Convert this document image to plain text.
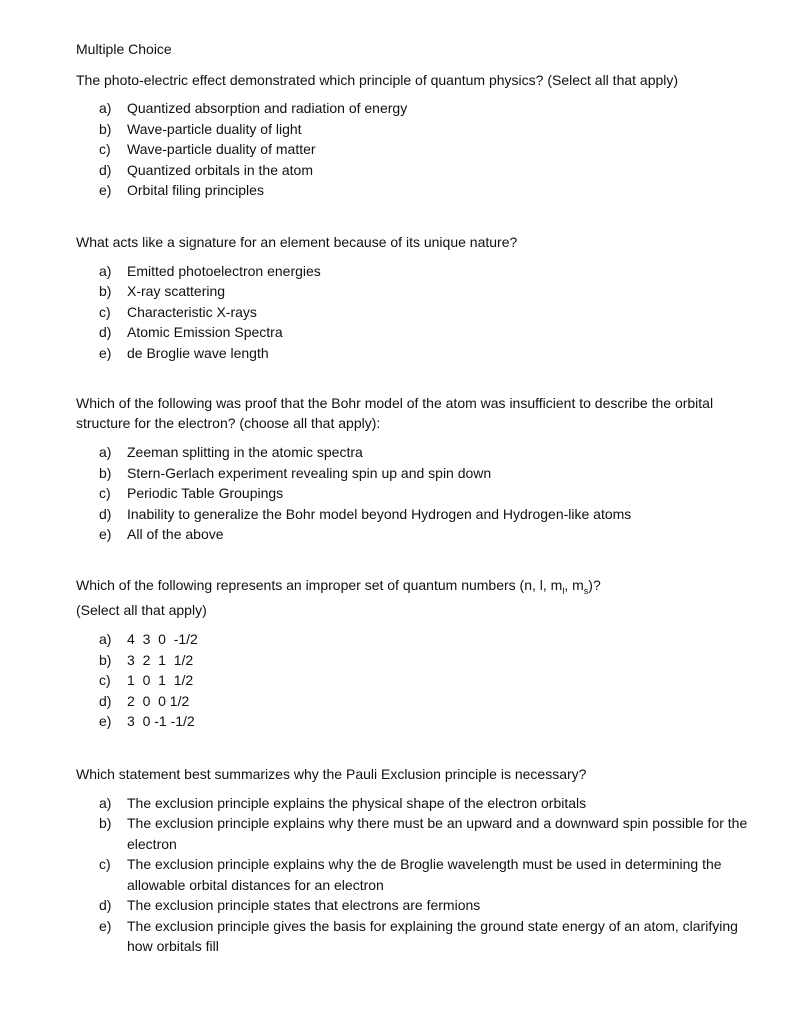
Multiple Choice
The photo-electric effect demonstrated which principle of quantum physics? (Select all that apply)
a)	Quantized absorption and radiation of energy
b)	Wave-particle duality of light
c)	Wave-particle duality of matter
d)	Quantized orbitals in the atom
e)	Orbital filing principles
What acts like a signature for an element because of its unique nature?
a)	Emitted photoelectron energies
b)	X-ray scattering
c)	Characteristic X-rays
d)	Atomic Emission Spectra
e)	de Broglie wave length
Which of the following was proof that the Bohr model of the atom was insufficient to describe the orbital structure for the electron? (choose all that apply):
a)	Zeeman splitting in the atomic spectra
b)	Stern-Gerlach experiment revealing spin up and spin down
c)	Periodic Table Groupings
d)	Inability to generalize the Bohr model beyond Hydrogen and Hydrogen-like atoms
e)	All of the above
Which of the following represents an improper set of quantum numbers (n, l, $m_l$, $m_s$)?
(Select all that apply)
a)	4  3  0  -1/2
b)	3  2  1  1/2
c)	1  0  1  1/2
d)	2  0  0 1/2
e)	3  0 -1 -1/2
Which statement best summarizes why the Pauli Exclusion principle is necessary?
a)	The exclusion principle explains the physical shape of the electron orbitals
b)	The exclusion principle explains why there must be an upward and a downward spin possible for the electron
c)	The exclusion principle explains why the de Broglie wavelength must be used in determining the allowable orbital distances for an electron
d)	The exclusion principle states that electrons are fermions
e)	The exclusion principle gives the basis for explaining the ground state energy of an atom, clarifying how orbitals fill
